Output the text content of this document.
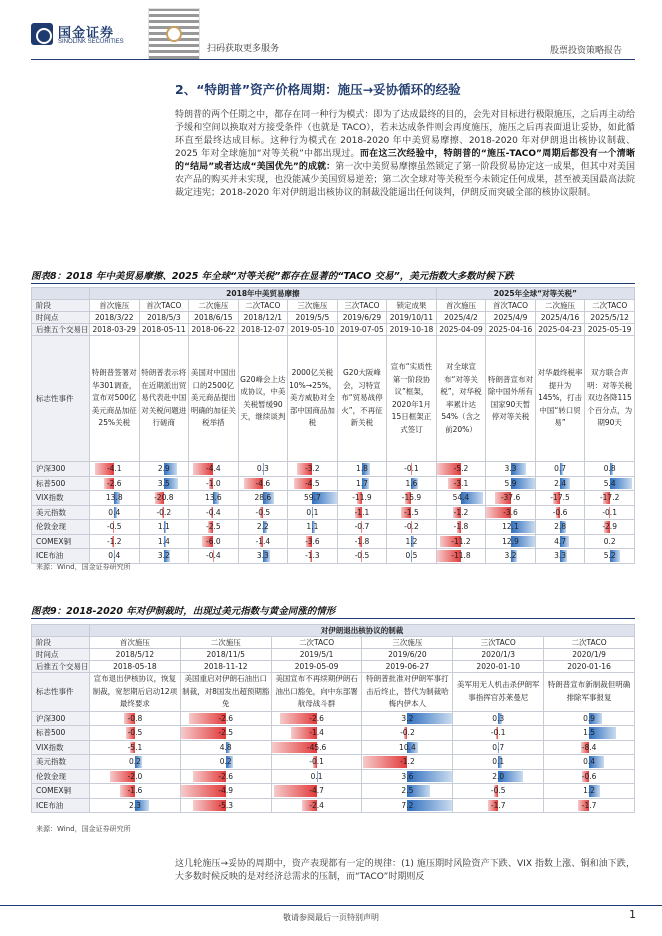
国金证券
SINOLINK SECURITIES
扫码获取更多服务	股票投资策略报告
2、“特朗普”资产价格周期：施压→妥协循环的经验
特朗普的两个任期之中，都存在同一种行为模式：即为了达成最终的目的，会先对目标进行极限施压，之后再主动给予缓和空间以换取对方接受条件（也就是 TACO），若未达成条件则会再度施压，施压之后再表面退让妥协，如此循环直至最终达成目标。这种行为模式在 2018-2020 年中美贸易摩擦、2018-2020 年对伊朗退出核协议制裁、2025 年对全球施加“对等关税”中都出现过。而在这三次经验中，特朗普的“施压-TACO”周期后都没有一个清晰的“结局”或者达成“美国优先”的成就：第一次中美贸易摩擦虽然锁定了第一阶段贸易协定这一成果，但其中对美国农产品的购买并未实现，也没能减少美国贸易逆差；第二次全球对等关税至今未锁定任何成果，甚至被美国最高法院裁定违宪；2018-2020 年对伊朗退出核协议的制裁没能逼出任何谈判，伊朗反而突破全部的核协议限制。
图表8：2018 年中美贸易摩擦、2025 年全球“对等关税”都存在显著的“TACO 交易”，美元指数大多数时候下跌
	2018年中美贸易摩擦							2025年全球“对等关税”			
阶段	首次施压	首次TACO	二次施压	二次TACO	三次施压	三次TACO	锁定成果	首次施压	首次TACO	二次施压	二次TACO
时间点	2018/3/22	2018/5/3	2018/6/15	2018/12/1	2019/5/5	2019/6/29	2019/10/11	2025/4/2	2025/4/9	2025/4/16	2025/5/12
后推五个交易日	2018-03-29	2018-05-11	2018-06-22	2018-12-07	2019-05-10	2019-07-05	2019-10-18	2025-04-09	2025-04-16	2025-04-23	2025-05-19
标志性事件	特朗普签署对华301调查，宣布对500亿美元商品加征25%关税	特朗普表示将在近期派出贸易代表赴中国对关税问题进行磋商	美国对中国出口的2500亿美元商品提出明确的加征关税举措	G20峰会上达成协议，中美关税暂缓90天，继续谈判	2000亿关税10%→25%，美方威胁对全部中国商品加税	G20大阪峰会，习特宣布“贸易战停火”，不再征新关税	宣布“实质性第一阶段协议”框架，2020年1月15日框架正式签订	对全球宣布“对等关税”，对华税率累计达54%（含之前20%）	特朗普宣布对除中国外所有国家90天暂停对等关税	对华最终税率提升为145%，打击中国“转口贸易”	双方联合声明：对等关税双边各降115个百分点，为期90天
沪深300	-4.1	2.9	-4.4	0.3	-3.2	1.8	-0.1	-5.2	3.3	0.7	0.8
标普500	-2.6	3.5	-1.0	-4.6	-4.5	1.7	1.6	-3.1	5.9	2.4	5.4
VIX指数	13.8	-20.8	13.6	28.6	59.7	-11.9	-15.9	54.4	-37.6	-17.5	-17.2
美元指数	0.4	-0.2	-0.4	-0.5	0.1	-1.1	-1.5	-1.2	-3.6	-0.6	-0.1
伦敦金现	-0.5	1.1	-2.5	2.2	1.1	-0.7	-0.2	-1.8	12.1	2.8	-2.9
COMEX铜	-1.2	1.4	-6.0	-1.4	-3.6	-1.8	1.2	-11.2	12.9	4.7	0.2
ICE布油	0.4	3.2	-0.4	3.3	-1.3	-0.5	0.5	-11.8	3.2	3.3	5.2
来源：Wind，国金证券研究所
图表9：2018-2020 年对伊制裁时，出现过美元指数与黄金同涨的情形
	对伊朗退出核协议的制裁					
阶段	首次施压	二次施压	二次TACO	三次施压	三次TACO	二次TACO
时间点	2018/5/12	2018/11/5	2019/5/1	2019/6/20	2020/1/3	2020/1/9
后推五个交易日	2018-05-18	2018-11-12	2019-05-09	2019-06-27	2020-01-10	2020-01-16
标志性事件	宣布退出伊核协议，恢复制裁，宽恕期后启动12项最终要求	美国重启对伊朗石油出口制裁，对8国发出超预期豁免	美国宣布不再续期伊朗石油出口豁免，向中东部署航母战斗群	特朗普批准对伊朗军事打击后终止，替代为制裁哈梅内伊本人	美军用无人机击杀伊朗军事指挥官苏莱曼尼	特朗普宣布新制裁但明确排除军事报复
沪深300	-0.8	-2.6	-2.6	3.2	0.3	0.9
标普500	-0.5	-2.5	-1.4	-0.2	-0.1	1.5
VIX指数	-5.1	4.8	-45.6	10.4	0.7	-8.4
美元指数	0.2	0.2	-0.1	-1.2	0.1	0.4
伦敦金现	-2.0	-2.6	0.1	3.6	2.0	-0.6
COMEX铜	-1.6	-4.9	-4.7	2.5	-0.5	1.2
ICE布油	2.3	-5.3	-2.4	7.2	-1.7	-1.7
来源：Wind，国金证券研究所
这几轮施压→妥协的周期中，资产表现都有一定的规律：(1) 施压期时风险资产下跌、VIX 指数上涨、铜和油下跌，大多数时候反映的是对经济总需求的压制，而“TACO”时期则反
敬请参阅最后一页特别声明	1
